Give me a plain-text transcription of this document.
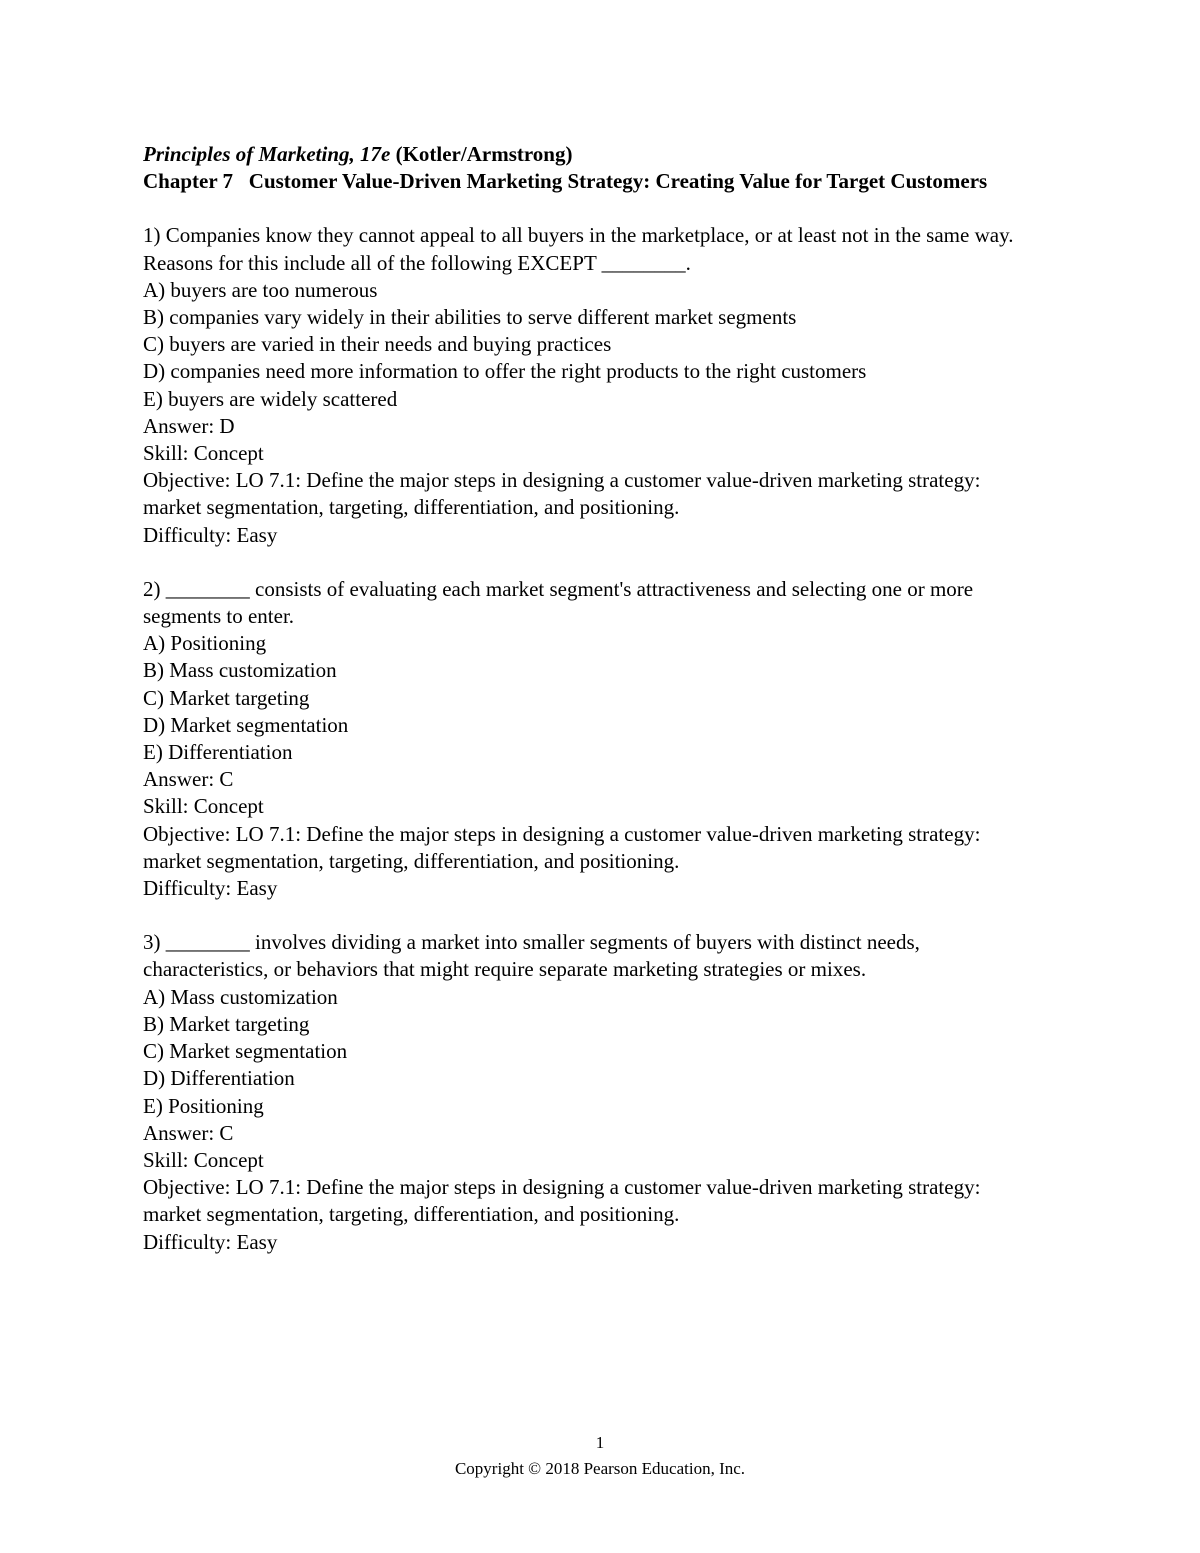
Principles of Marketing, 17e (Kotler/Armstrong)
Chapter 7 Customer Value-Driven Marketing Strategy: Creating Value for Target Customers

1) Companies know they cannot appeal to all buyers in the marketplace, or at least not in the same way. Reasons for this include all of the following EXCEPT ________.

A) buyers are too numerous

B) companies vary widely in their abilities to serve different market segments

C) buyers are varied in their needs and buying practices

D) companies need more information to offer the right products to the right customers

E) buyers are widely scattered

Answer: D

Skill: Concept

Objective: LO 7.1: Define the major steps in designing a customer value-driven marketing strategy: market segmentation, targeting, differentiation, and positioning.

Difficulty: Easy

2) ________ consists of evaluating each market segment's attractiveness and selecting one or more segments to enter.

A) Positioning

B) Mass customization

C) Market targeting

D) Market segmentation

E) Differentiation

Answer: C

Skill: Concept

Objective: LO 7.1: Define the major steps in designing a customer value-driven marketing strategy: market segmentation, targeting, differentiation, and positioning.

Difficulty: Easy

3) ________ involves dividing a market into smaller segments of buyers with distinct needs, characteristics, or behaviors that might require separate marketing strategies or mixes.

A) Mass customization

B) Market targeting

C) Market segmentation

D) Differentiation

E) Positioning

Answer: C

Skill: Concept

Objective: LO 7.1: Define the major steps in designing a customer value-driven marketing strategy: market segmentation, targeting, differentiation, and positioning.

Difficulty: Easy

1
Copyright © 2018 Pearson Education, Inc.
